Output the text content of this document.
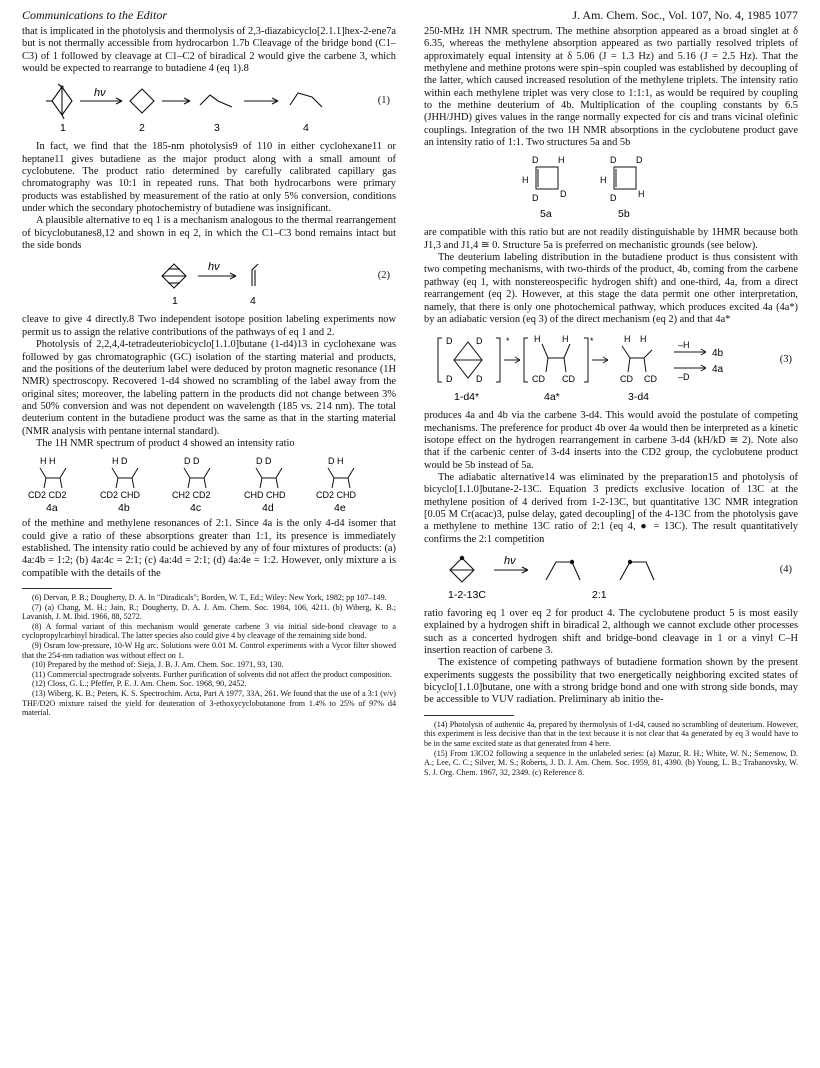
Communications to the Editor	J. Am. Chem. Soc., Vol. 107, No. 4, 1985 1077

that is implicated in the photolysis and thermolysis of 2,3-diazabicyclo[2.1.1]hex-2-ene7a but is not thermally accessible from hydrocarbon 1.7b Cleavage of the bridge bond (C1–C3) of 1 followed by cleavage at C1–C2 of biradical 2 would give the carbene 3, which would be expected to rearrange to butadiene 4 (eq 1).8

hν
1	2	3	4
(1)

In fact, we find that the 185-nm photolysis9 of 110 in either cyclohexane11 or heptane11 gives butadiene as the major product along with a small amount of cyclobutene. The product ratio determined by carefully calibrated capillary gas chromatography was 10:1 in repeated runs. That both hydrocarbons were primary products was established by measurement of the ratio at only 5% conversion, conditions under which the secondary photochemistry of butadiene was insignificant.

A plausible alternative to eq 1 is a mechanism analogous to the thermal rearrangement of bicyclobutanes8,12 and shown in eq 2, in which the C1–C3 bond remains intact but the side bonds

hν
1	4
(2)

cleave to give 4 directly.8 Two independent isotope position labeling experiments now permit us to assign the relative contributions of the pathways of eq 1 and 2.

Photolysis of 2,2,4,4-tetradeuteriobicyclo[1.1.0]butane (1-d4)13 in cyclohexane was followed by gas chromatographic (GC) isolation of the starting material and products, and the positions of the deuterium label were deduced by proton magnetic resonance (1H NMR) spectroscopy. Recovered 1-d4 showed no scrambling of the label away from the original sites; moreover, the labeling pattern in the products did not change between 3% and 50% conversion and was not dependent on wavelength (185 vs. 214 nm). The total deuterium content in the butadiene product was the same as that in the starting material (NMR analysis with pentane internal standard).

The 1H NMR spectrum of product 4 showed an intensity ratio

H H	H D	D D	D D	D H
CD2 CD2	CD2 CHD	CH2 CD2	CHD CHD	CD2 CHD
4a	4b	4c	4d	4e

of the methine and methylene resonances of 2:1. Since 4a is the only 4-d4 isomer that could give a ratio of these absorptions greater than 1:1, its presence is immediately established. The intensity ratio could be achieved by any of four mixtures of products: (a) 4a:4b = 1:2; (b) 4a:4c = 2:1; (c) 4a:4d = 2:1; (d) 4a:4e = 1:2. However, only mixture a is compatible with the details of the

(6) Dervan, P. B.; Dougherty, D. A. In "Diradicals"; Borden, W. T., Ed.; Wiley: New York, 1982; pp 107–149.

(7) (a) Chang, M. H.; Jain, R.; Dougherty, D. A. J. Am. Chem. Soc. 1984, 106, 4211. (b) Wiberg, K. B.; Lavanish, J. M. Ibid. 1966, 88, 5272.

(8) A formal variant of this mechanism would generate carbene 3 via initial side-bond cleavage to a cyclopropylcarbinyl biradical. The latter species also could give 4 by cleavage of the remaining side bond.

(9) Osram low-pressure, 10-W Hg arc. Solutions were 0.01 M. Control experiments with a Vycor filter showed that the 254-nm radiation was without effect on 1.

(10) Prepared by the method of: Sieja, J. B. J. Am. Chem. Soc. 1971, 93, 130.

(11) Commercial spectrograde solvents. Further purification of solvents did not affect the product composition.

(12) Closs, G. L.; Pfeffer, P. E. J. Am. Chem. Soc. 1968, 90, 2452.

(13) Wiberg, K. B.; Peters, K. S. Spectrochim. Acta, Part A 1977, 33A, 261. We found that the use of a 3:1 (v/v) THF/D2O mixture raised the yield for deuteration of 3-ethoxycyclobutanone from 1.4% to 25% of 97% d4 material.

250-MHz 1H NMR spectrum. The methine absorption appeared as a broad singlet at δ 6.35, whereas the methylene absorption appeared as two partially resolved triplets of approximately equal intensity at δ 5.06 (J = 1.3 Hz) and 5.16 (J = 2.5 Hz). That the methylene and methine protons were spin–spin coupled was established by decoupling of the latter, which caused increased resolution of the methylene triplets. The intensity ratio within each methylene triplet was very close to 1:1:1, as would be required by coupling to the methine deuterium of 4b. Multiplication of the coupling constants by 6.5 (JHH/JHD) gives values in the range normally expected for cis and trans vicinal olefinic couplings. Integration of the two 1H NMR absorptions in the cyclobutene product gave an intensity ratio of 1:1. Two structures 5a and 5b

D H
H
D D
D D
H
D H
5a	5b

are compatible with this ratio but are not readily distinguishable by 1HMR because both J1,3 and J1,4 ≅ 0. Structure 5a is preferred on mechanistic grounds (see below).

The deuterium labeling distribution in the butadiene product is thus consistent with two competing mechanisms, with two-thirds of the product, 4b, coming from the carbene pathway (eq 1, with nonstereospecific hydrogen shift) and one-third, 4a, from a direct rearrangement (eq 2). However, at this stage the data permit one other interpretation, namely, that there is only one photochemical pathway, which produces excited 4a (4a*) by an adiabatic version (eq 3) of the direct mechanism (eq 2) and that 4a*

D	D
D	D
H H
CD CD
H H
CD CD
–H
–D
*	*
4b
4a
1-d4*	4a*	3-d4
(3)

produces 4a and 4b via the carbene 3-d4. This would avoid the postulate of competing mechanisms. The preference for product 4b over 4a would then be interpreted as a kinetic isotope effect on the hydrogen rearrangement in carbene 3-d4 (kH/kD ≅ 2). Note also that if the carbenic center of 3-d4 inserts into the CD2 group, the cyclobutene product would be 5b instead of 5a.

The adiabatic alternative14 was eliminated by the preparation15 and photolysis of bicyclo[1.1.0]butane-2-13C. Equation 3 predicts exclusive location of 13C at the methylene position of 4 derived from 1-2-13C, but quantitative 13C NMR integration [0.05 M Cr(acac)3, pulse delay, gated decoupling] of the 4-13C from the photolysis gave a methylene to methine 13C ratio of 2:1 (eq 4, ● = 13C). The result quantitatively confirms the 2:1 competition

hν
1-2-13C	2:1
(4)

ratio favoring eq 1 over eq 2 for product 4. The cyclobutene product 5 is most easily explained by a hydrogen shift in biradical 2, although we cannot exclude other processes such as a concerted hydrogen shift and bridge-bond cleavage in 1 or a vinyl C–H insertion reaction of carbene 3.

The existence of competing pathways of butadiene formation shown by the present experiments suggests the possibility that two energetically neighboring excited states of bicyclo[1.1.0]butane, one with a strong bridge bond and one with strong side bonds, may be accessible to VUV radiation. Preliminary ab initio the-

(14) Photolysis of authentic 4a, prepared by thermolysis of 1-d4, caused no scrambling of deuterium. However, this experiment is less decisive than that in the text because it is not clear that 4a generated by eq 3 would have to be in the same excited state as that generated from 4 here.

(15) From 13CO2 following a sequence in the unlabeled series: (a) Mazur, R. H.; White, W. N.; Semenow, D. A.; Lee, C. C.; Silver, M. S.; Roberts, J. D. J. Am. Chem. Soc. 1959, 81, 4390. (b) Young, L. B.; Trahanovsky, W. S. J. Org. Chem. 1967, 32, 2349. (c) Reference 8.
